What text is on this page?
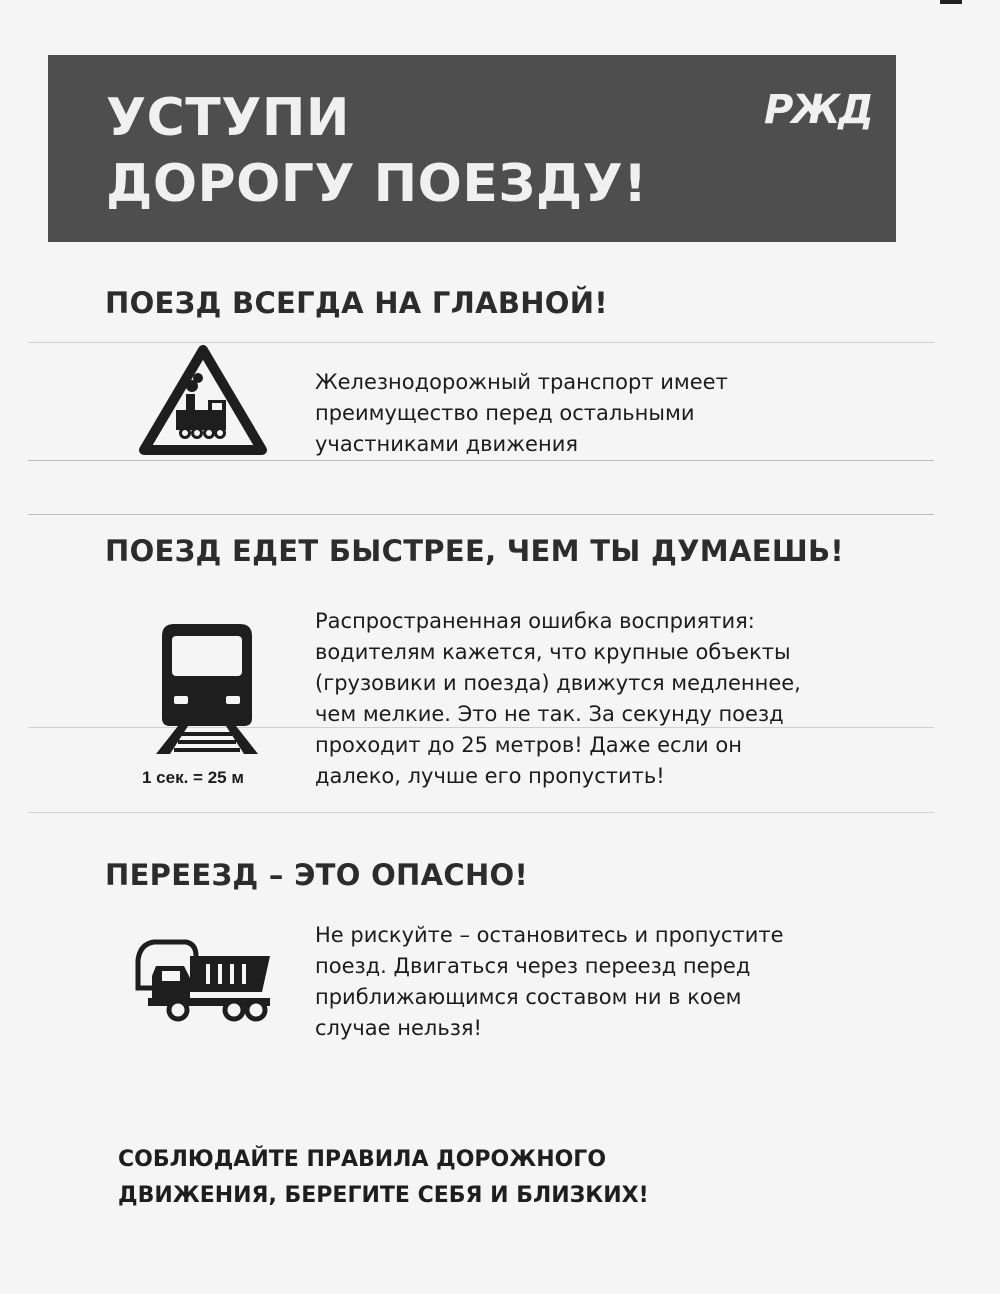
УСТУПИ
ДОРОГУ ПОЕЗДУ!
РЖД
ПОЕЗД ВСЕГДА НА ГЛАВНОЙ!
Железнодорожный транспорт имеет
преимущество перед остальными
участниками движения
ПОЕЗД ЕДЕТ БЫСТРЕЕ, ЧЕМ ТЫ ДУМАЕШЬ!
1 сек. = 25 м
Распространенная ошибка восприятия:
водителям кажется, что крупные объекты
(грузовики и поезда) движутся медленнее,
чем мелкие. Это не так. За секунду поезд
проходит до 25 метров! Даже если он
далеко, лучше его пропустить!
ПЕРЕЕЗД – ЭТО ОПАСНО!
Не рискуйте – остановитесь и пропустите
поезд. Двигаться через переезд перед
приближающимся составом ни в коем
случае нельзя!
СОБЛЮДАЙТЕ ПРАВИЛА ДОРОЖНОГО
ДВИЖЕНИЯ, БЕРЕГИТЕ СЕБЯ И БЛИЗКИХ!
